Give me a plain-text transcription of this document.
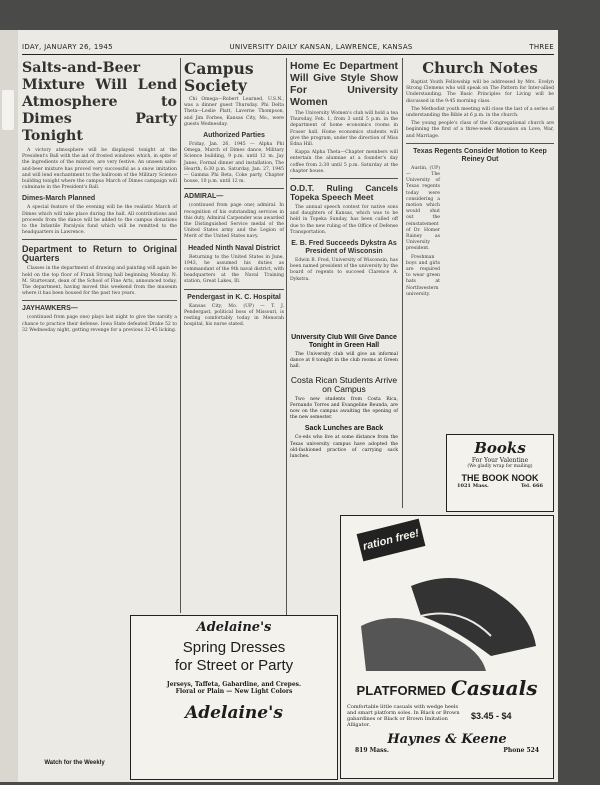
IDAY, JANUARY 26, 1945	UNIVERSITY DAILY KANSAN, LAWRENCE, KANSAS	THREE
Salts-and-Beer Mixture Will Lend Atmosphere to Dimes Party Tonight

A victory atmosphere will be displayed tonight at the President's Ball with the aid of frosted windows which, in spite of the ingredients of the mixture, are very festive. An unseen salts-and-beer mixture has proved very successful as a snow imitation and will lend enchantment to the ballroom of the Military Science building tonight where the campus March of Dimes campaign will culminate in the President's Ball.

Dimes-March Planned

A special feature of the evening will be the realistic March of Dimes which will take place during the ball. All contributions and proceeds from the dance will be added to the campus donations to the Infantile Paralysis fund which will be remitted to the headquarters in Lawrence.

Department to Return to Original Quarters

Classes in the department of drawing and painting will again be held on the top floor of Frank Strong hall beginning Monday. N. M. Sturtevant, dean of the School of Fine Arts, announced today. The department, having moved this weekend from the museum where it has been housed for the past two years.

JAYHAWKERS—

(continued from page one) plays last night to give the varsity a chance to practice their defense. Iowa State defeated Drake 52 to 32 Wednesday night, getting revenge for a previous 32-45 licking.

Watch for the Weekly
Campus Society

Chi Omega—Robert Learned, U.S.N., was a dinner guest Thursday. Phi Delta Theta—Leslie Platt, Laverne Thompson, and Jim Forbes, Kansas City, Mo., were guests Wednesday.

Authorized Parties

Friday, Jan. 26, 1945 — Alpha Phi Omega, March of Dimes dance, Military Science building, 9 p.m. until 12 m. Jay Janes, Formal dinner and installation, The Hearth, 6:30 p.m. Saturday, Jan. 27, 1945 — Gamma Phi Beta, Coke party, Chapter house, 10 p.m. until 12 m.

ADMIRAL—

(continued from page one) admiral. In recognition of his outstanding services in this duty, Admiral Carpender was awarded the Distinguished Service medal of the United States army and the Legion of Merit of the United States navy.

Headed Ninth Naval District

Returning to the United States in June, 1943, he assumed his duties as commandant of the 9th naval district, with headquarters at the Naval Training station, Great Lakes, Ill.

Pendergast in K. C. Hospital

Kansas City, Mo. (UP) — T. J. Pendergast, political boss of Missouri, is resting comfortably today in Menorah hospital, his nurse stated.

Home Ec Department Will Give Style Show For University Women

The University Women's club will hold a tea Thursday, Feb. 1, from 3 until 5 p.m. in the department of home economics rooms in Fraser hall. Home economics students will give the program, under the direction of Miss Edna Hill.

Kappa Alpha Theta—Chapter members will entertain the alumnae at a founder's day coffee from 2:30 until 5 p.m. Saturday at the chapter house.

O.D.T. Ruling Cancels Topeka Speech Meet

The annual speech contest for native sons and daughters of Kansas, which was to be held in Topeka Sunday, has been called off due to the new ruling of the Office of Defense Transportation.

E. B. Fred Succeeds Dykstra As President of Wisconsin

Edwin B. Fred, University of Wisconsin, has been named president of the university by the board of regents to succeed Clarence A. Dykstra.

Church Notes

Baptist Youth Fellowship will be addressed by Mrs. Evelyn Strong Clemens who will speak on The Pattern for Inter-allied Understanding. The Basic Principles for Living will be discussed in the 9:45 morning class.

The Methodist youth meeting will close the last of a series of understanding the Bible at 6 p.m. in the church.

The young people's class of the Congregational church are beginning the first of a three-week discussion on Love, War, and Marriage.

Texas Regents Consider Motion to Keep Reiney Out

Austin, (UP) — The University of Texas regents today were considering a motion which would shut out the reinstatement of Dr. Homer Rainey as University president.

Freshman boys and girls are required to wear green hats at Northwestern university.

Books
For Your Valentine
(We gladly wrap for mailing)
THE BOOK NOOK
1021 Mass.	Tel. 666
Adelaine's
Spring Dresses
for Street or Party
Jerseys, Taffeta, Gabardine, and Crepes.
Floral or Plain — New Light Colors
Adelaine's
ration free!
PLATFORMED Casuals
Comfortable little casuals with wedge heels and smart platform soles. In Black or Brown gabardines or Black or Brown Imitation Alligator.
$3.45 - $4
Haynes & Keene
819 Mass.	Phone 524
University Club Will Give Dance Tonight in Green Hall

The University club will give an informal dance at 8 tonight in the club rooms at Green hall.

Costa Rican Students Arrive on Campus

Two new students from Costa Rica, Fernando Torres and Evangeline Beunda, are now on the campus awaiting the opening of the new semester.

Sack Lunches are Back

Co-eds who live at some distance from the Texas university campus have adopted the old-fashioned practice of carrying sack lunches.
